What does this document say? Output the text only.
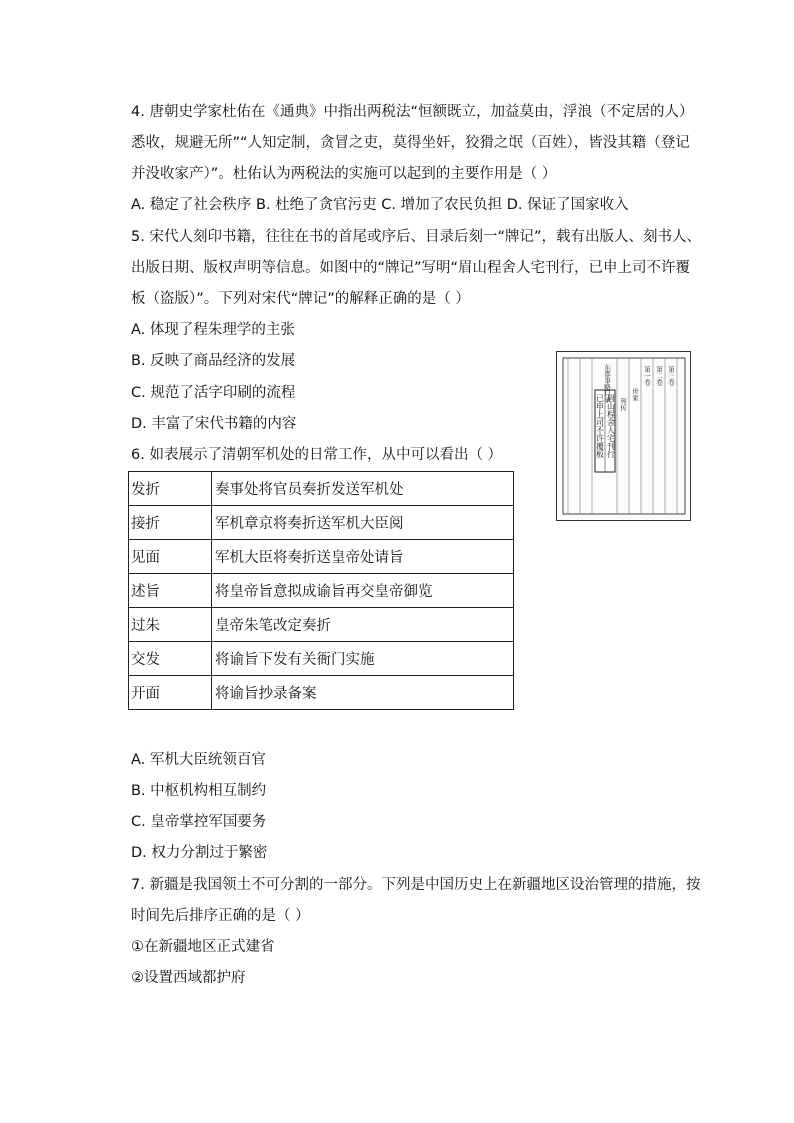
4. 唐朝史学家杜佑在《通典》中指出两税法“恒额既立，加益莫由，浮浪（不定居的人）
悉收，规避无所”“人知定制，贪冒之吏，莫得坐奸，狡猾之氓（百姓），皆没其籍（登记
并没收家产）”。杜佑认为两税法的实施可以起到的主要作用是（ ）
A. 稳定了社会秩序 B. 杜绝了贪官污吏 C. 增加了农民负担 D. 保证了国家收入
5. 宋代人刻印书籍，往往在书的首尾或序后、目录后刻一“牌记”，载有出版人、刻书人、
出版日期、版权声明等信息。如图中的“牌记”写明“眉山程舍人宅刊行，已申上司不许覆
板（盗版）”。下列对宋代“牌记”的解释正确的是（ ）
A. 体现了程朱理学的主张
B. 反映了商品经济的发展
C. 规范了活字印刷的流程
D. 丰富了宋代书籍的内容
东都事略目录	第一卷 第二卷 第三卷
世家
列传
眉山程舍人宅刊行
已申上司不许覆板
6. 如表展示了清朝军机处的日常工作，从中可以看出（ ）
发折	奏事处将官员奏折发送军机处
接折	军机章京将奏折送军机大臣阅
见面	军机大臣将奏折送皇帝处请旨
述旨	将皇帝旨意拟成谕旨再交皇帝御览
过朱	皇帝朱笔改定奏折
交发	将谕旨下发有关衙门实施
开面	将谕旨抄录备案
A. 军机大臣统领百官
B. 中枢机构相互制约
C. 皇帝掌控军国要务
D. 权力分割过于繁密
7. 新疆是我国领土不可分割的一部分。下列是中国历史上在新疆地区设治管理的措施，按
时间先后排序正确的是（ ）
①在新疆地区正式建省
②设置西域都护府
